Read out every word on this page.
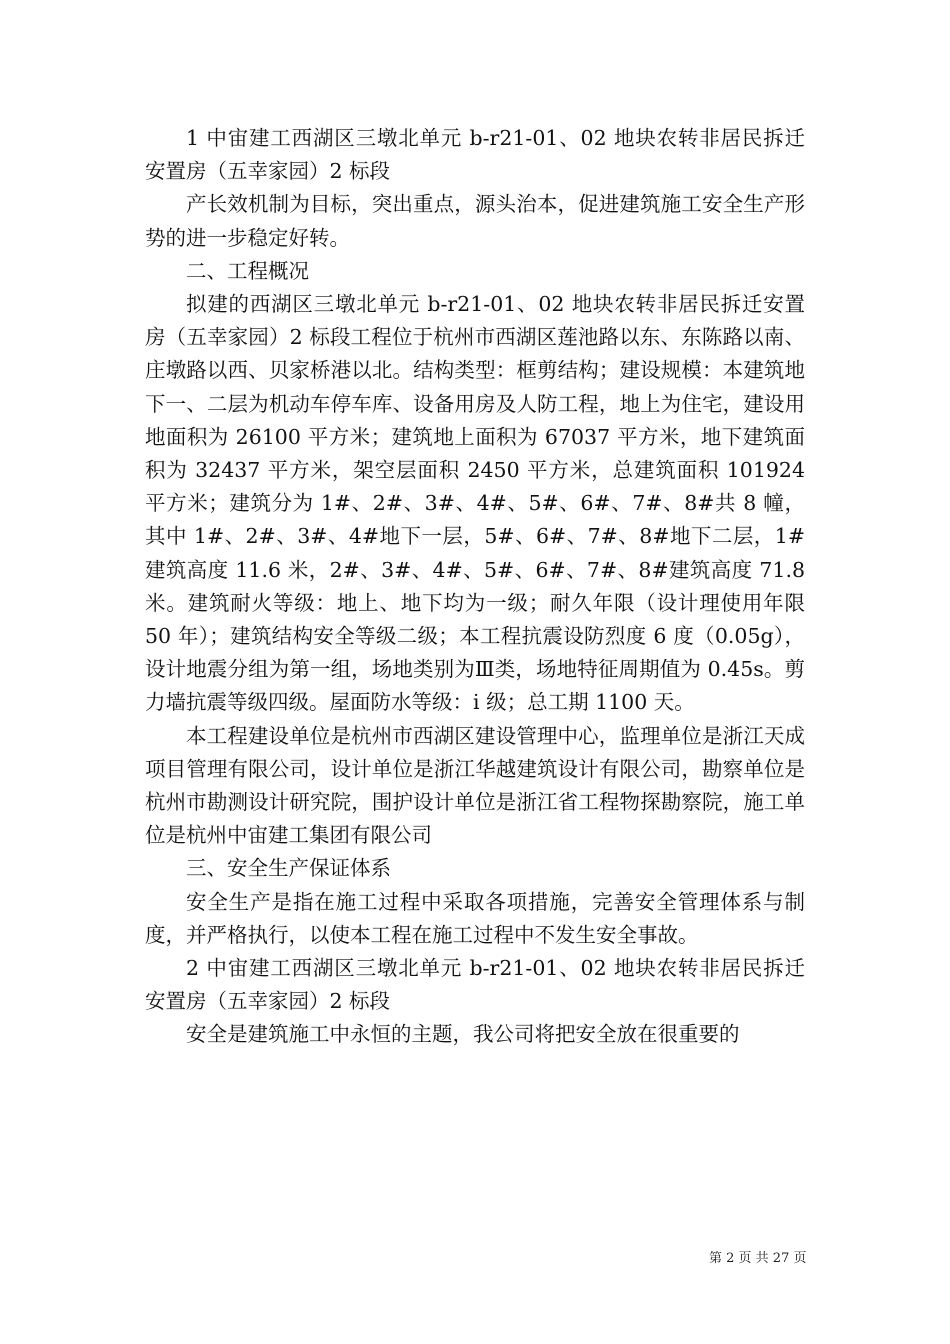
1 中宙建工西湖区三墩北单元 b-r21-01、02 地块农转非居民拆迁安置房（五幸家园）2 标段

产长效机制为目标，突出重点，源头治本，促进建筑施工安全生产形势的进一步稳定好转。

二、工程概况

拟建的西湖区三墩北单元 b-r21-01、02 地块农转非居民拆迁安置房（五幸家园）2 标段工程位于杭州市西湖区莲池路以东、东陈路以南、庄墩路以西、贝家桥港以北。结构类型：框剪结构；建设规模：本建筑地下一、二层为机动车停车库、设备用房及人防工程，地上为住宅，建设用地面积为 26100 平方米；建筑地上面积为 67037 平方米，地下建筑面积为 32437 平方米，架空层面积 2450 平方米，总建筑面积 101924 平方米；建筑分为 1#、2#、3#、4#、5#、6#、7#、8#共 8 幢，其中 1#、2#、3#、4#地下一层，5#、6#、7#、8#地下二层，1#建筑高度 11.6 米，2#、3#、4#、5#、6#、7#、8#建筑高度 71.8 米。建筑耐火等级：地上、地下均为一级；耐久年限（设计理使用年限 50 年）；建筑结构安全等级二级；本工程抗震设防烈度 6 度（0.05g），设计地震分组为第一组，场地类别为Ⅲ类，场地特征周期值为 0.45s。剪力墙抗震等级四级。屋面防水等级：i 级；总工期 1100 天。

本工程建设单位是杭州市西湖区建设管理中心，监理单位是浙江天成项目管理有限公司，设计单位是浙江华越建筑设计有限公司，勘察单位是杭州市勘测设计研究院，围护设计单位是浙江省工程物探勘察院，施工单位是杭州中宙建工集团有限公司

三、安全生产保证体系

安全生产是指在施工过程中采取各项措施，完善安全管理体系与制度，并严格执行，以使本工程在施工过程中不发生安全事故。

2 中宙建工西湖区三墩北单元 b-r21-01、02 地块农转非居民拆迁安置房（五幸家园）2 标段

安全是建筑施工中永恒的主题，我公司将把安全放在很重要的

第 2 页 共 27 页
